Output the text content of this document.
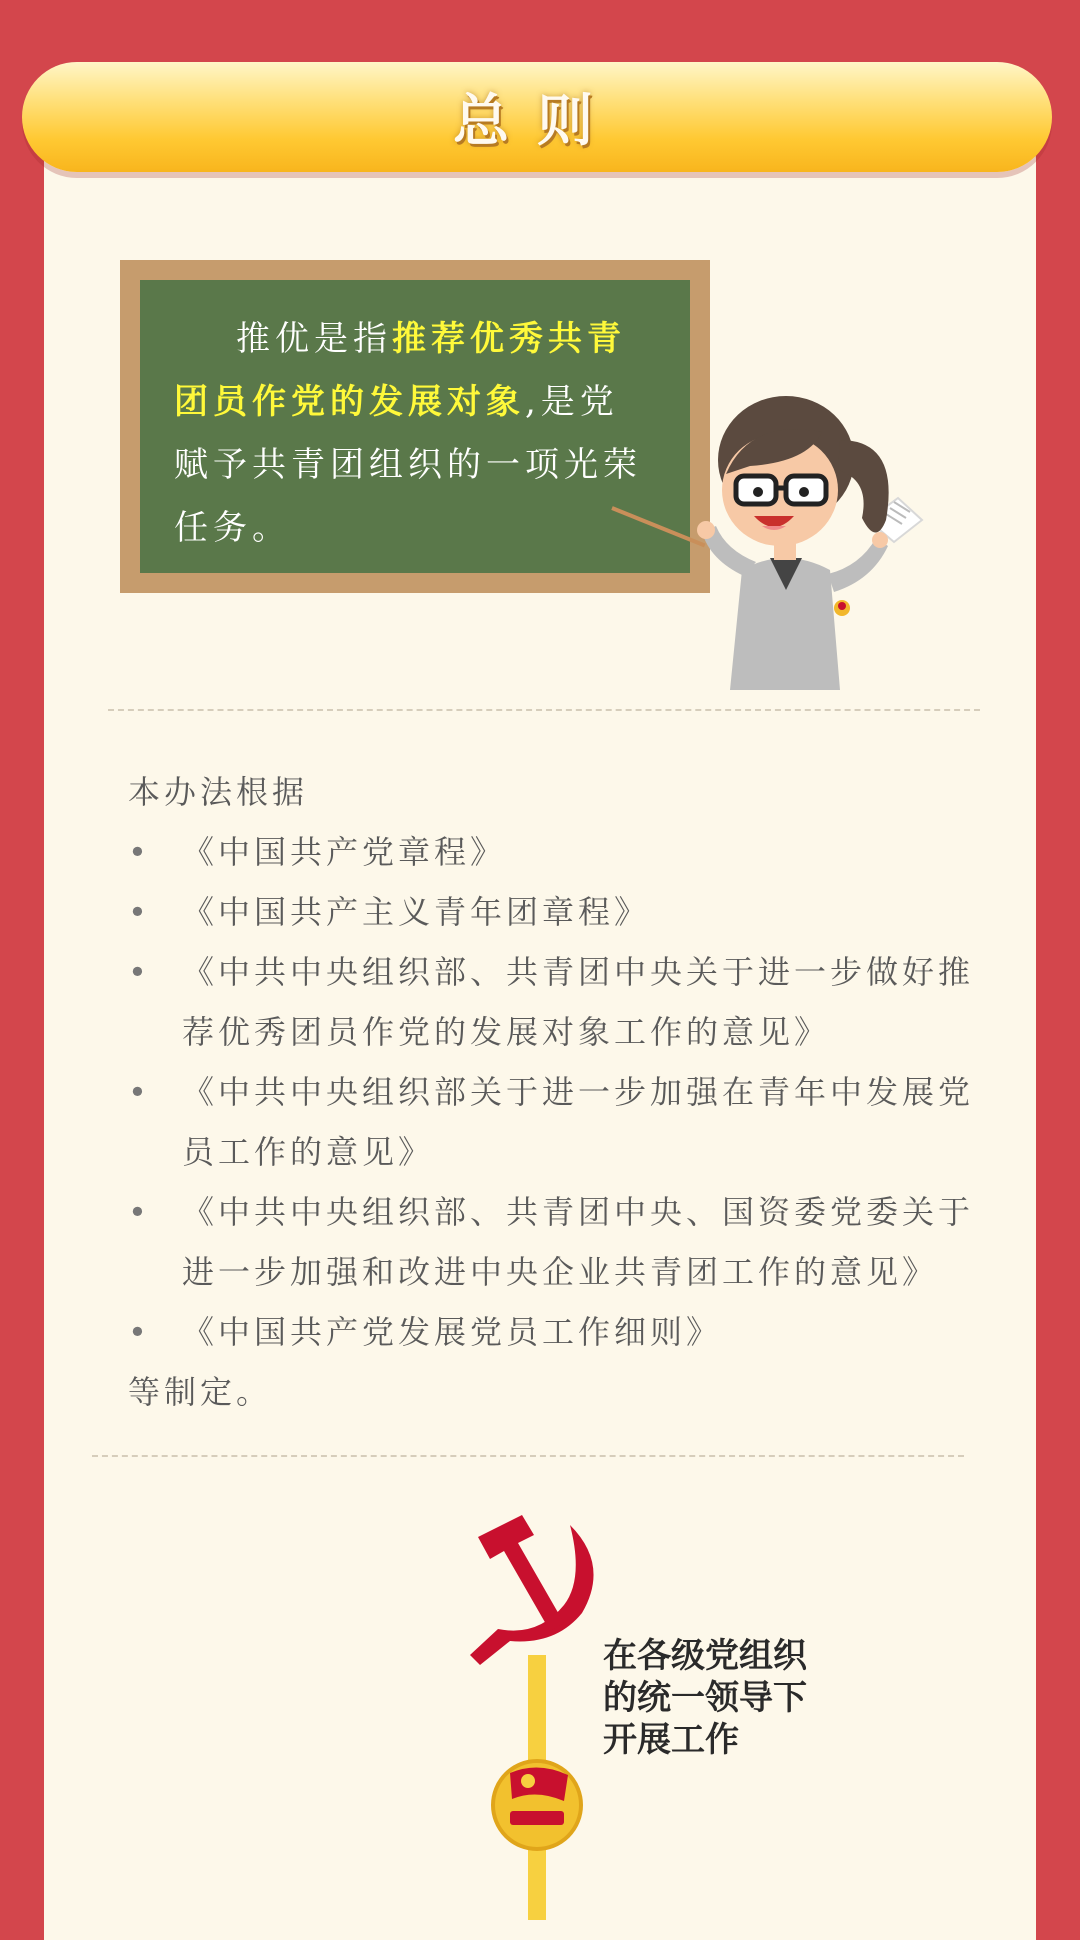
总则
推优是指推荐优秀共青团员作党的发展对象,是党赋予共青团组织的一项光荣任务。
本办法根据
• 《中国共产党章程》
• 《中国共产主义青年团章程》
• 《中共中央组织部、共青团中央关于进一步做好推荐优秀团员作党的发展对象工作的意见》
• 《中共中央组织部关于进一步加强在青年中发展党员工作的意见》
• 《中共中央组织部、共青团中央、国资委党委关于进一步加强和改进中央企业共青团工作的意见》
• 《中国共产党发展党员工作细则》
等制定。
在各级党组织
的统一领导下
开展工作
